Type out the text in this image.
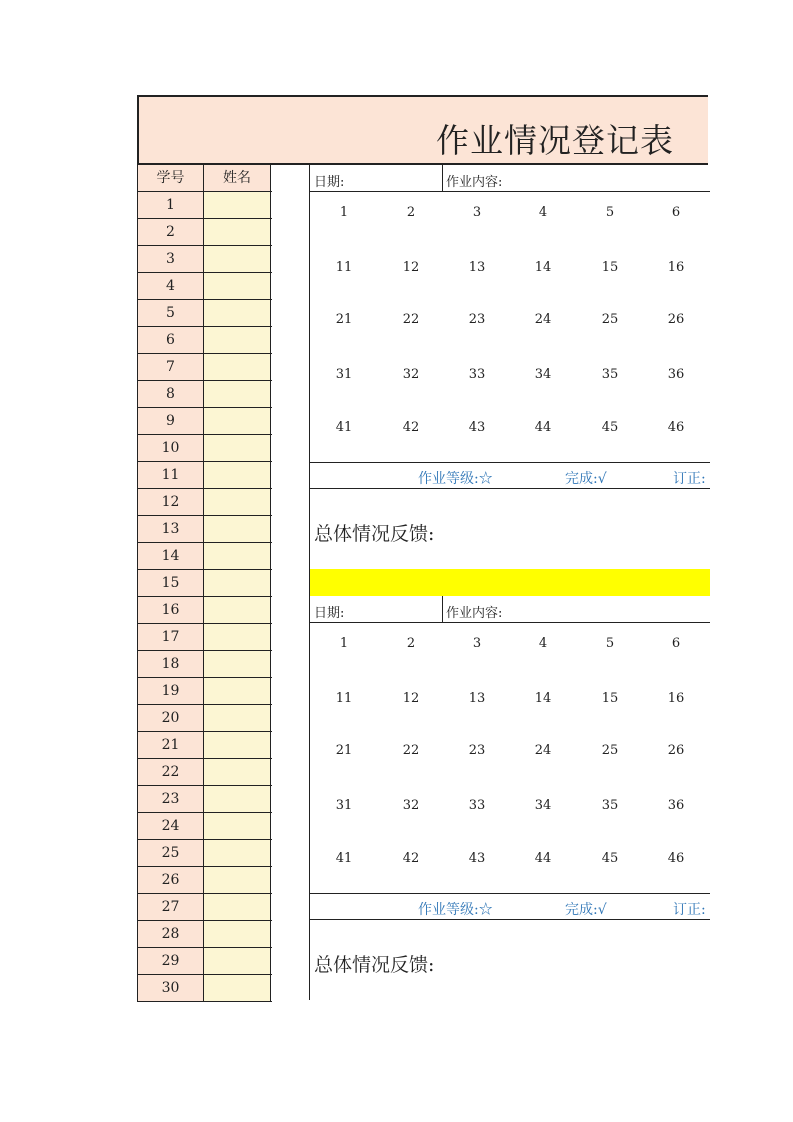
作业情况登记表
学号	姓名
1
2
3
4
5
6
7
8
9
10
11
12
13
14
15
16
17
18
19
20
21
22
23
24
25
26
27
28
29
30
日期:	作业内容:
1	2	3	4	5	6
11	12	13	14	15	16
21	22	23	24	25	26
31	32	33	34	35	36
41	42	43	44	45	46
作业等级:☆	完成:√	订正:
总体情况反馈:
日期:	作业内容:
1	2	3	4	5	6
11	12	13	14	15	16
21	22	23	24	25	26
31	32	33	34	35	36
41	42	43	44	45	46
作业等级:☆	完成:√	订正:
总体情况反馈:
